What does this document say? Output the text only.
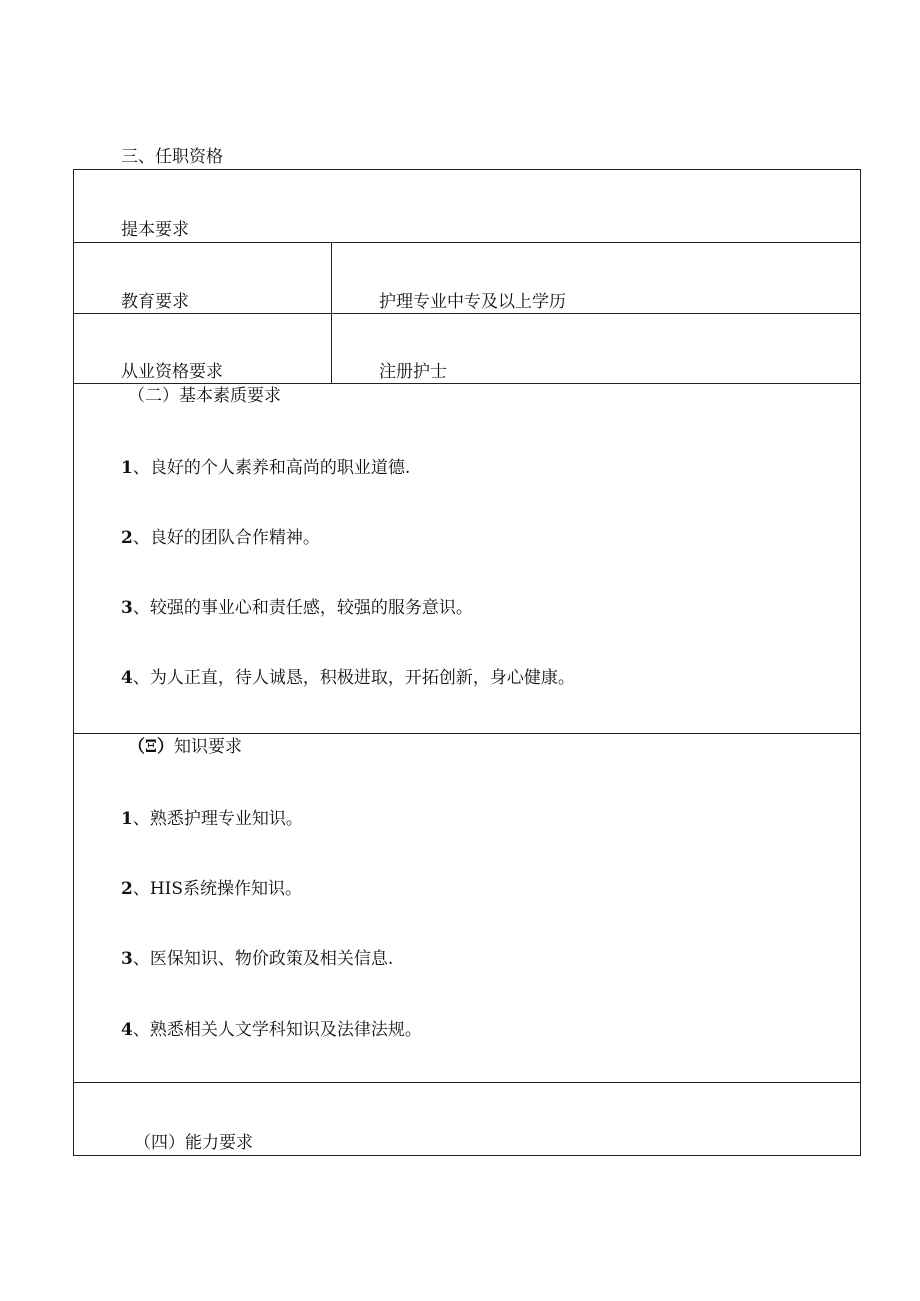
三、任职资格
提本要求
教育要求	护理专业中专及以上学历
从业资格要求	注册护士
（二）基本素质要求
1、良好的个人素养和高尚的职业道德.
2、良好的团队合作精神。
3、较强的事业心和责任感，较强的服务意识。
4、为人正直，待人诚恳，积极进取，开拓创新，身心健康。
（Ξ）知识要求
1、熟悉护理专业知识。
2、HIS系统操作知识。
3、医保知识、物价政策及相关信息.
4、熟悉相关人文学科知识及法律法规。
（四）能力要求
